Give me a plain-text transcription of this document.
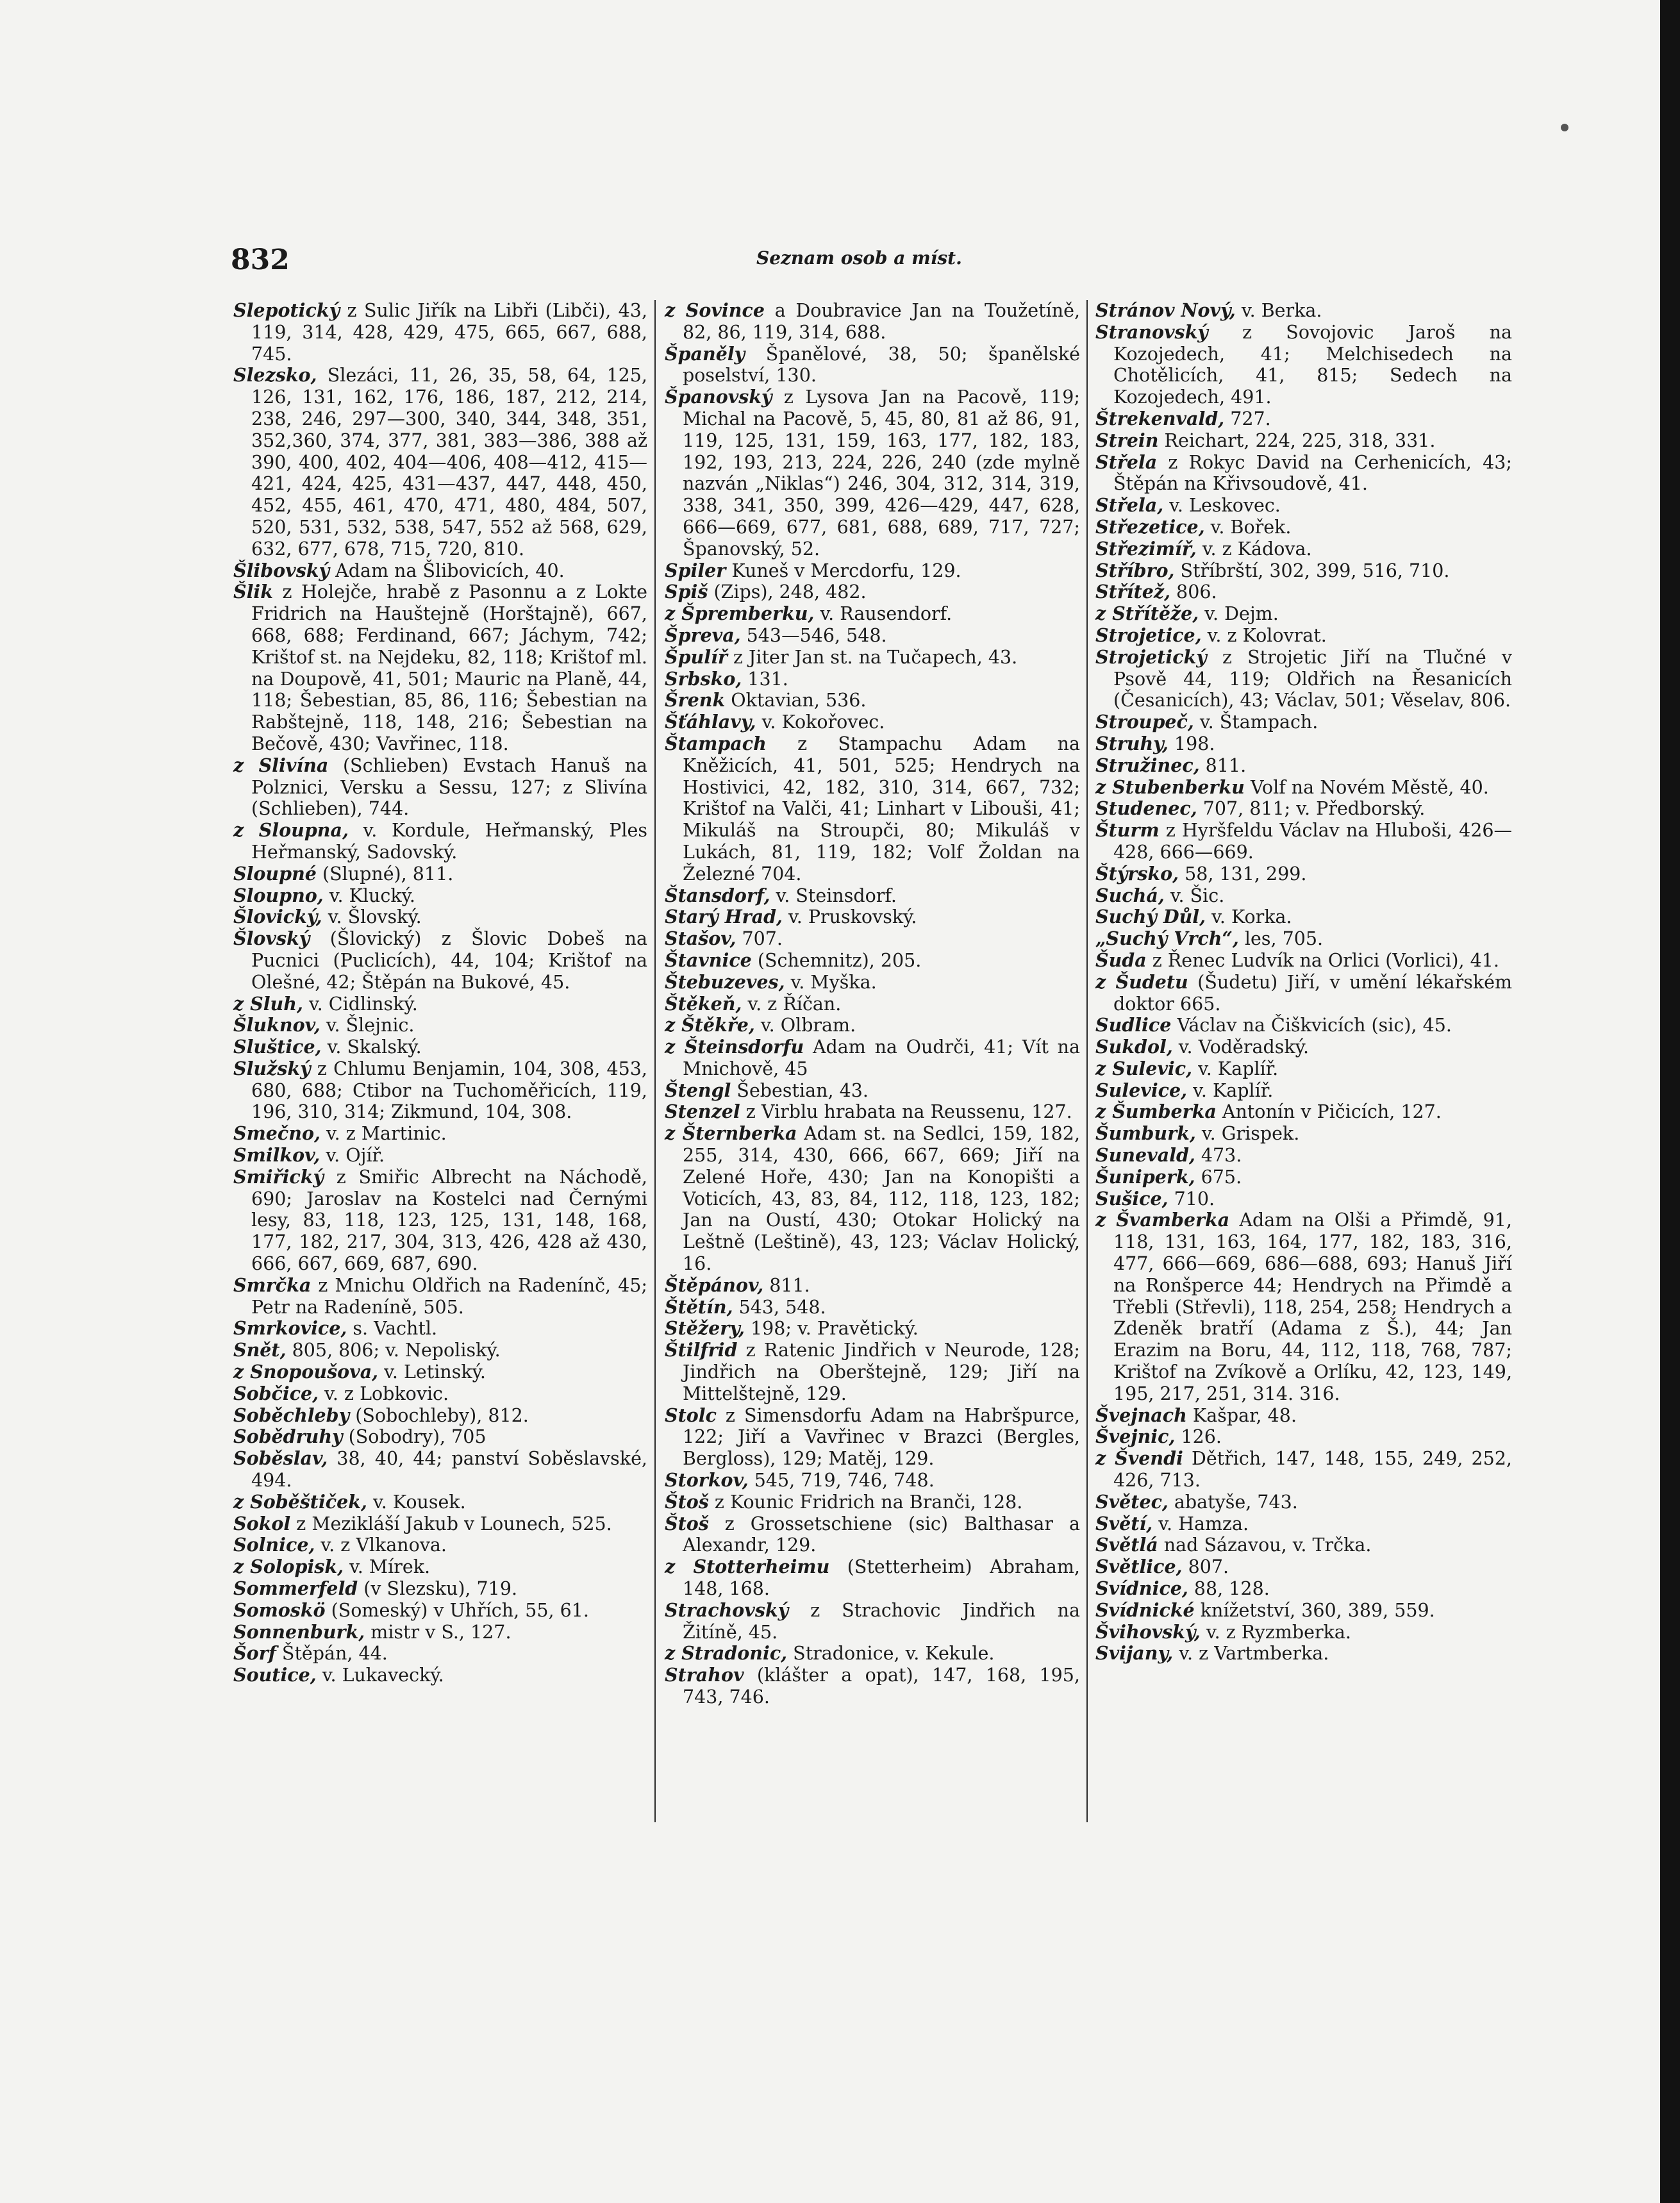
832	Seznam osob a míst.

Slepotický z Sulic Jiřík na Libři (Libči), 43, 119, 314, 428, 429, 475, 665, 667, 688, 745.

Slezsko, Slezáci, 11, 26, 35, 58, 64, 125, 126, 131, 162, 176, 186, 187, 212, 214, 238, 246, 297—300, 340, 344, 348, 351, 352,360, 374, 377, 381, 383—386, 388 až 390, 400, 402, 404—406, 408—412, 415—421, 424, 425, 431—437, 447, 448, 450, 452, 455, 461, 470, 471, 480, 484, 507, 520, 531, 532, 538, 547, 552 až 568, 629, 632, 677, 678, 715, 720, 810.

Šlibovský Adam na Šlibovicích, 40.

Šlik z Holejče, hrabě z Pasonnu a z Lokte Fridrich na Hauštejně (Horštajně), 667, 668, 688; Ferdinand, 667; Jáchym, 742; Krištof st. na Nejdeku, 82, 118; Krištof ml. na Doupově, 41, 501; Mauric na Planě, 44, 118; Šebestian, 85, 86, 116; Šebestian na Rabštejně, 118, 148, 216; Šebestian na Bečově, 430; Vavřinec, 118.

z Slivína (Schlieben) Evstach Hanuš na Polznici, Versku a Sessu, 127; z Slivína (Schlieben), 744.

z Sloupna, v. Kordule, Heřmanský, Ples Heřmanský, Sadovský.

Sloupné (Slupné), 811.

Sloupno, v. Klucký.

Šlovický, v. Šlovský.

Šlovský (Šlovický) z Šlovic Dobeš na Pucnici (Puclicích), 44, 104; Krištof na Olešné, 42; Štěpán na Bukové, 45.

z Sluh, v. Cidlinský.

Šluknov, v. Šlejnic.

Sluštice, v. Skalský.

Služský z Chlumu Benjamin, 104, 308, 453, 680, 688; Ctibor na Tuchoměřicích, 119, 196, 310, 314; Zikmund, 104, 308.

Smečno, v. z Martinic.

Smilkov, v. Ojíř.

Smiřický z Smiřic Albrecht na Náchodě, 690; Jaroslav na Kostelci nad Černými lesy, 83, 118, 123, 125, 131, 148, 168, 177, 182, 217, 304, 313, 426, 428 až 430, 666, 667, 669, 687, 690.

Smrčka z Mnichu Oldřich na Radenínč, 45; Petr na Radeníně, 505.

Smrkovice, s. Vachtl.

Snět, 805, 806; v. Nepoliský.

z Snopoušova, v. Letinský.

Sobčice, v. z Lobkovic.

Soběchleby (Sobochleby), 812.

Sobědruhy (Sobodry), 705

Soběslav, 38, 40, 44; panství Soběslavské, 494.

z Soběštiček, v. Kousek.

Sokol z Mezikláší Jakub v Lounech, 525.

Solnice, v. z Vlkanova.

z Solopisk, v. Mírek.

Sommerfeld (v Slezsku), 719.

Somoskö (Someský) v Uhřích, 55, 61.

Sonnenburk, mistr v S., 127.

Šorf Štěpán, 44.

Soutice, v. Lukavecký.

z Sovince a Doubravice Jan na Toužetíně, 82, 86, 119, 314, 688.

Španěly Španělové, 38, 50; španělské poselství, 130.

Španovský z Lysova Jan na Pacově, 119; Michal na Pacově, 5, 45, 80, 81 až 86, 91, 119, 125, 131, 159, 163, 177, 182, 183, 192, 193, 213, 224, 226, 240 (zde mylně nazván „Niklas“) 246, 304, 312, 314, 319, 338, 341, 350, 399, 426—429, 447, 628, 666—669, 677, 681, 688, 689, 717, 727; Španovský, 52.

Spiler Kuneš v Mercdorfu, 129.

Spiš (Zips), 248, 482.

z Špremberku, v. Rausendorf.

Špreva, 543—546, 548.

Špulíř z Jiter Jan st. na Tučapech, 43.

Srbsko, 131.

Šrenk Oktavian, 536.

Šťáhlavy, v. Kokořovec.

Štampach z Stampachu Adam na Kněžicích, 41, 501, 525; Hendrych na Hostivici, 42, 182, 310, 314, 667, 732; Krištof na Valči, 41; Linhart v Libouši, 41; Mikuláš na Stroupči, 80; Mikuláš v Lukách, 81, 119, 182; Volf Žoldan na Železné 704.

Štansdorf, v. Steinsdorf.

Starý Hrad, v. Pruskovský.

Stašov, 707.

Štavnice (Schemnitz), 205.

Štebuzeves, v. Myška.

Štěkeň, v. z Říčan.

z Štěkře, v. Olbram.

z Šteinsdorfu Adam na Oudrči, 41; Vít na Mnichově, 45

Štengl Šebestian, 43.

Stenzel z Virblu hrabata na Reussenu, 127.

z Šternberka Adam st. na Sedlci, 159, 182, 255, 314, 430, 666, 667, 669; Jiří na Zelené Hoře, 430; Jan na Konopišti a Voticích, 43, 83, 84, 112, 118, 123, 182; Jan na Oustí, 430; Otokar Holický na Leštně (Leštině), 43, 123; Václav Holický, 16.

Štěpánov, 811.

Štětín, 543, 548.

Stěžery, 198; v. Pravětický.

Štilfrid z Ratenic Jindřich v Neurode, 128; Jindřich na Oberštejně, 129; Jiří na Mittelštejně, 129.

Stolc z Simensdorfu Adam na Habršpurce, 122; Jiří a Vavřinec v Brazci (Bergles, Bergloss), 129; Matěj, 129.

Storkov, 545, 719, 746, 748.

Štoš z Kounic Fridrich na Branči, 128.

Štoš z Grossetschiene (sic) Balthasar a Alexandr, 129.

z Stotterheimu (Stetterheim) Abraham, 148, 168.

Strachovský z Strachovic Jindřich na Žitíně, 45.

z Stradonic, Stradonice, v. Kekule.

Strahov (klášter a opat), 147, 168, 195, 743, 746.

Stránov Nový, v. Berka.

Stranovský z Sovojovic Jaroš na Kozojedech, 41; Melchisedech na Chotělicích, 41, 815; Sedech na Kozojedech, 491.

Štrekenvald, 727.

Strein Reichart, 224, 225, 318, 331.

Střela z Rokyc David na Cerhenicích, 43; Štěpán na Křivsoudově, 41.

Střela, v. Leskovec.

Střezetice, v. Bořek.

Střezimíř, v. z Kádova.

Stříbro, Stříbrští, 302, 399, 516, 710.

Střítež, 806.

z Střítěže, v. Dejm.

Strojetice, v. z Kolovrat.

Strojetický z Strojetic Jiří na Tlučné v Psově 44, 119; Oldřich na Řesanicích (Česanicích), 43; Václav, 501; Věselav, 806.

Stroupeč, v. Štampach.

Struhy, 198.

Stružinec, 811.

z Stubenberku Volf na Novém Městě, 40.

Studenec, 707, 811; v. Předborský.

Šturm z Hyršfeldu Václav na Hluboši, 426—428, 666—669.

Štýrsko, 58, 131, 299.

Suchá, v. Šic.

Suchý Důl, v. Korka.

„Suchý Vrch“, les, 705.

Šuda z Řenec Ludvík na Orlici (Vorlici), 41.

z Šudetu (Šudetu) Jiří, v umění lékařském doktor 665.

Sudlice Václav na Čiškvicích (sic), 45.

Sukdol, v. Voděradský.

z Sulevic, v. Kaplíř.

Sulevice, v. Kaplíř.

z Šumberka Antonín v Pičicích, 127.

Šumburk, v. Grispek.

Sunevald, 473.

Šuniperk, 675.

Sušice, 710.

z Švamberka Adam na Olši a Přimdě, 91, 118, 131, 163, 164, 177, 182, 183, 316, 477, 666—669, 686—688, 693; Hanuš Jiří na Ronšperce 44; Hendrych na Přimdě a Třebli (Střevli), 118, 254, 258; Hendrych a Zdeněk bratří (Adama z Š.), 44; Jan Erazim na Boru, 44, 112, 118, 768, 787; Krištof na Zvíkově a Orlíku, 42, 123, 149, 195, 217, 251, 314. 316.

Švejnach Kašpar, 48.

Švejnic, 126.

z Švendi Dětřich, 147, 148, 155, 249, 252, 426, 713.

Světec, abatyše, 743.

Světí, v. Hamza.

Světlá nad Sázavou, v. Trčka.

Světlice, 807.

Svídnice, 88, 128.

Svídnické knížetství, 360, 389, 559.

Švihovský, v. z Ryzmberka.

Svijany, v. z Vartmberka.
